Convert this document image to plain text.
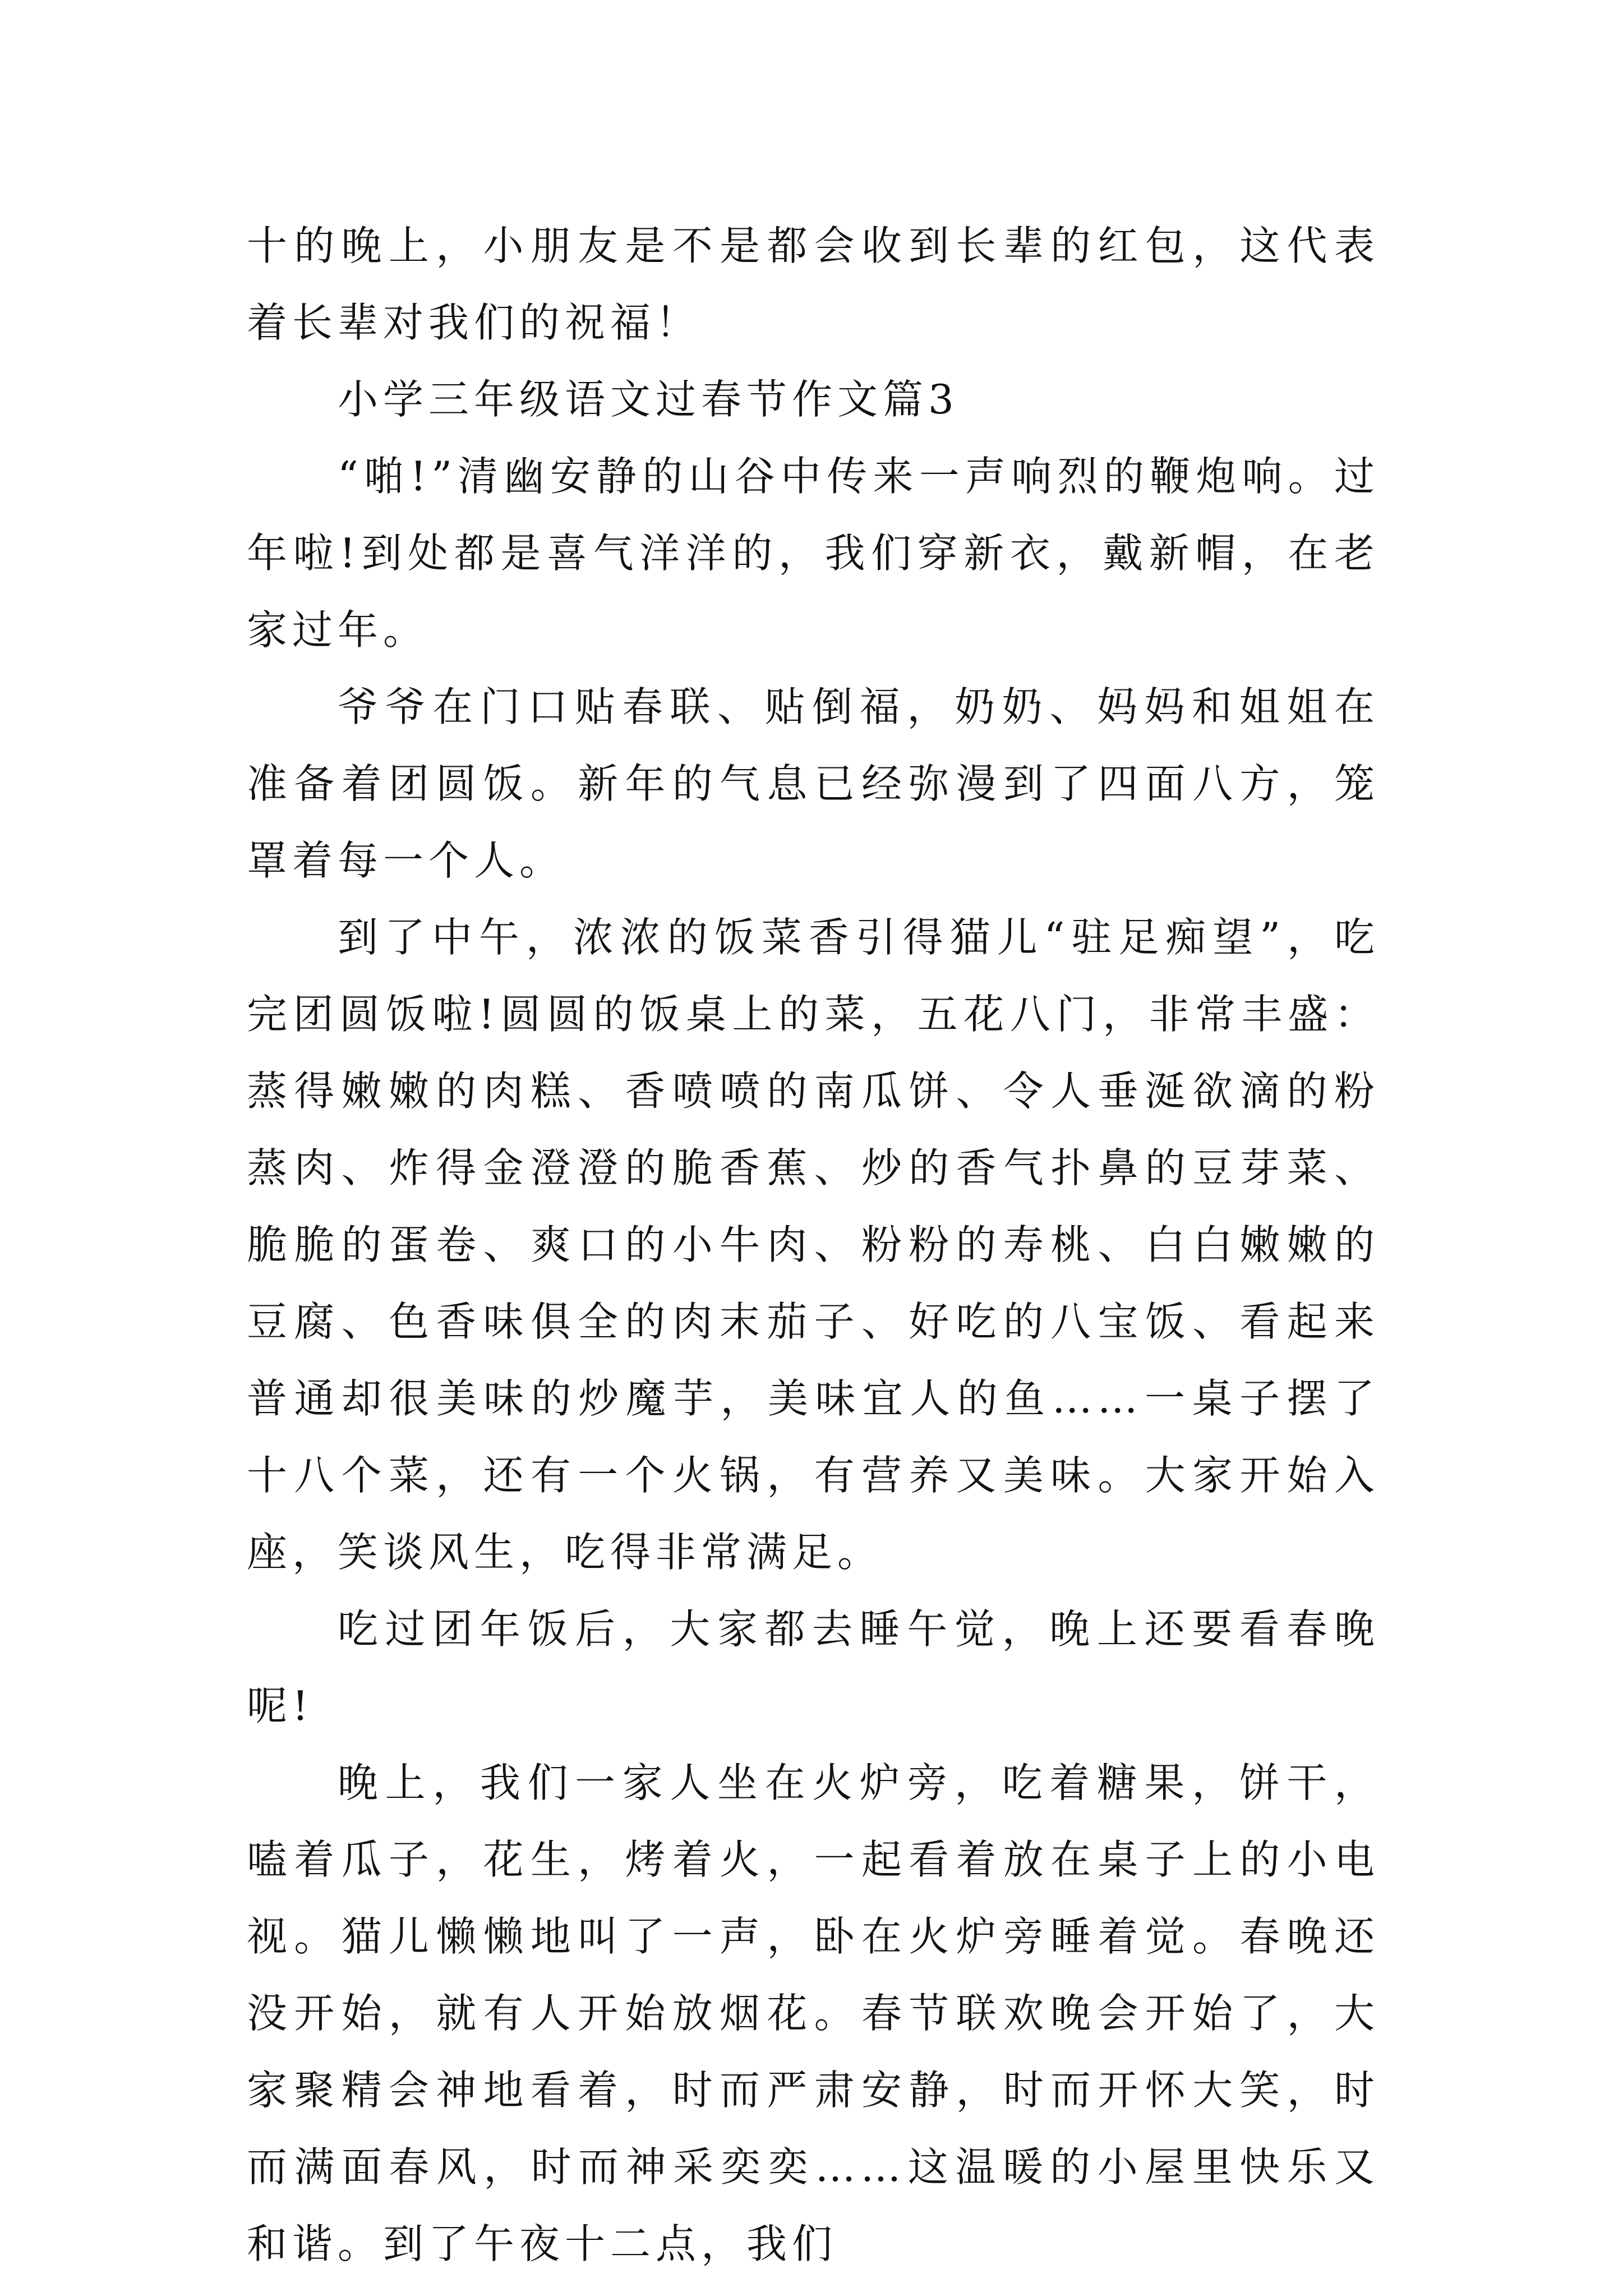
十的晚上，小朋友是不是都会收到长辈的红包，这代表着长辈对我们的祝福！

小学三年级语文过春节作文篇3

“啪!”清幽安静的山谷中传来一声响烈的鞭炮响。过年啦!到处都是喜气洋洋的，我们穿新衣，戴新帽，在老家过年。

爷爷在门口贴春联、贴倒福，奶奶、妈妈和姐姐在准备着团圆饭。新年的气息已经弥漫到了四面八方，笼罩着每一个人。

到了中午，浓浓的饭菜香引得猫儿“驻足痴望”，吃完团圆饭啦!圆圆的饭桌上的菜，五花八门，非常丰盛：蒸得嫩嫩的肉糕、香喷喷的南瓜饼、令人垂涎欲滴的粉蒸肉、炸得金澄澄的脆香蕉、炒的香气扑鼻的豆芽菜、脆脆的蛋卷、爽口的小牛肉、粉粉的寿桃、白白嫩嫩的豆腐、色香味俱全的肉末茄子、好吃的八宝饭、看起来普通却很美味的炒魔芋，美味宜人的鱼……一桌子摆了十八个菜，还有一个火锅，有营养又美味。大家开始入座，笑谈风生，吃得非常满足。

吃过团年饭后，大家都去睡午觉，晚上还要看春晚呢!

晚上，我们一家人坐在火炉旁，吃着糖果，饼干，嗑着瓜子，花生，烤着火，一起看着放在桌子上的小电视。猫儿懒懒地叫了一声，卧在火炉旁睡着觉。春晚还没开始，就有人开始放烟花。春节联欢晚会开始了，大家聚精会神地看着，时而严肃安静，时而开怀大笑，时而满面春风，时而神采奕奕……这温暖的小屋里快乐又和谐。到了午夜十二点，我们
